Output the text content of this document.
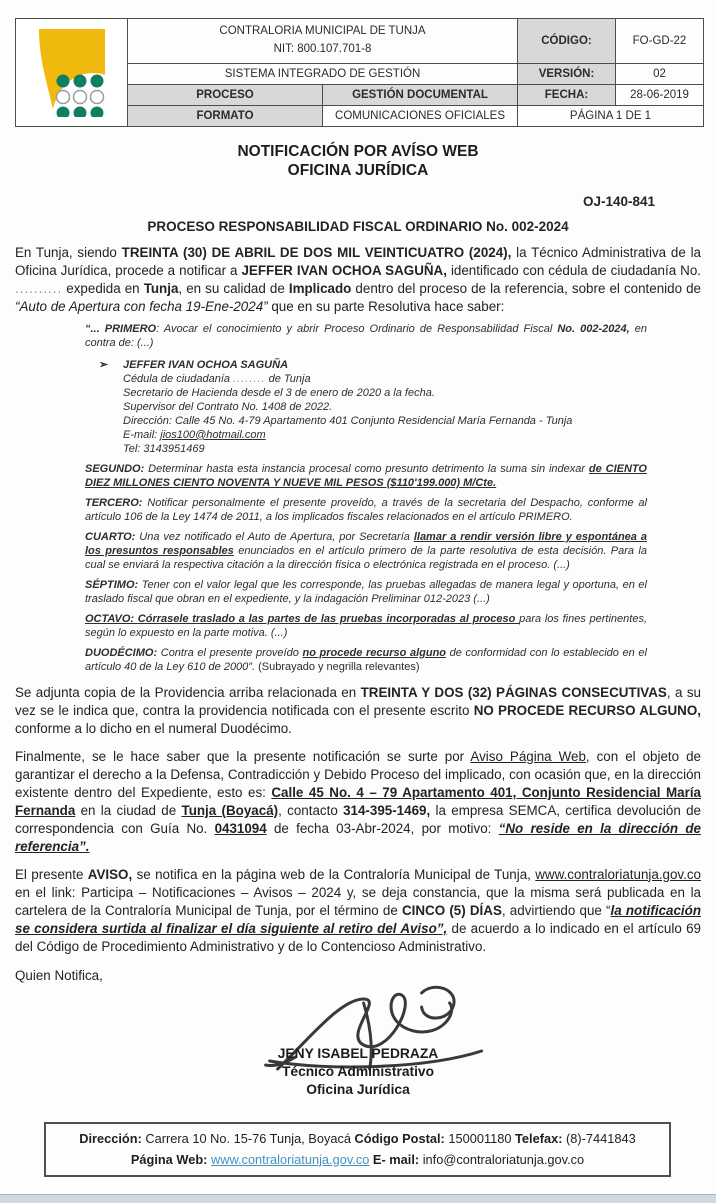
CONTRALORIA MUNICIPAL DE TUNJA
NIT: 800.107.701-8		CÓDIGO:	FO-GD-22
	SISTEMA INTEGRADO DE GESTIÓN		VERSIÓN:	02
	PROCESO	GESTIÓN DOCUMENTAL	FECHA:	28-06-2019
	FORMATO	COMUNICACIONES OFICIALES	PÁGINA 1 DE 1	
NOTIFICACIÓN POR AVÍSO WEB
OFICINA JURÍDICA
OJ-140-841
PROCESO RESPONSABILIDAD FISCAL ORDINARIO No. 002-2024

En Tunja, siendo TREINTA (30) DE ABRIL DE DOS MIL VEINTICUATRO (2024), la Técnico Administrativa de la Oficina Jurídica, procede a notificar a JEFFER IVAN OCHOA SAGUÑA, identificado con cédula de ciudadanía No. .......... expedida en Tunja, en su calidad de Implicado dentro del proceso de la referencia, sobre el contenido de “Auto de Apertura con fecha 19-Ene-2024” que en su parte Resolutiva hace saber:

“... PRIMERO: Avocar el conocimiento y abrir Proceso Ordinario de Responsabilidad Fiscal No. 002-2024, en contra de: (...)
➢ JEFFER IVAN OCHOA SAGUÑA
Cédula de ciudadanía ........ de Tunja
Secretario de Hacienda desde el 3 de enero de 2020 a la fecha.
Supervisor del Contrato No. 1408 de 2022.
Dirección: Calle 45 No. 4-79 Apartamento 401 Conjunto Residencial María Fernanda - Tunja
E-mail: jios100@hotmail.com
Tel: 3143951469
SEGUNDO: Determinar hasta esta instancia procesal como presunto detrimento la suma sin indexar de CIENTO DIEZ MILLONES CIENTO NOVENTA Y NUEVE MIL PESOS ($110'199.000) M/Cte.
TERCERO: Notificar personalmente el presente proveído, a través de la secretaria del Despacho, conforme al artículo 106 de la Ley 1474 de 2011, a los implicados fiscales relacionados en el artículo PRIMERO.
CUARTO: Una vez notificado el Auto de Apertura, por Secretaría llamar a rendir versión libre y espontánea a los presuntos responsables enunciados en el artículo primero de la parte resolutiva de esta decisión. Para la cual se enviará la respectiva citación a la dirección física o electrónica registrada en el proceso. (...)
SÉPTIMO: Tener con el valor legal que les corresponde, las pruebas allegadas de manera legal y oportuna, en el traslado fiscal que obran en el expediente, y la indagación Preliminar 012-2023 (...)
OCTAVO: Córrasele traslado a las partes de las pruebas incorporadas al proceso para los fines pertinentes, según lo expuesto en la parte motiva. (...)
DUODÉCIMO: Contra el presente proveído no procede recurso alguno de conformidad con lo establecido en el artículo 40 de la Ley 610 de 2000”. (Subrayado y negrilla relevantes)

Se adjunta copia de la Providencia arriba relacionada en TREINTA Y DOS (32) PÁGINAS CONSECUTIVAS, a su vez se le indica que, contra la providencia notificada con el presente escrito NO PROCEDE RECURSO ALGUNO, conforme a lo dicho en el numeral Duodécimo.

Finalmente, se le hace saber que la presente notificación se surte por Aviso Página Web, con el objeto de garantizar el derecho a la Defensa, Contradicción y Debido Proceso del implicado, con ocasión que, en la dirección existente dentro del Expediente, esto es: Calle 45 No. 4 – 79 Apartamento 401, Conjunto Residencial María Fernanda en la ciudad de Tunja (Boyacá), contacto 314-395-1469, la empresa SEMCA, certifica devolución de correspondencia con Guía No. 0431094 de fecha 03-Abr-2024, por motivo: “No reside en la dirección de referencia”.

El presente AVISO, se notifica en la página web de la Contraloría Municipal de Tunja, www.contraloriatunja.gov.co en el link: Participa – Notificaciones – Avisos – 2024 y, se deja constancia, que la misma será publicada en la cartelera de la Contraloría Municipal de Tunja, por el término de CINCO (5) DÍAS, advirtiendo que “la notificación se considera surtida al finalizar el día siguiente al retiro del Aviso”, de acuerdo a lo indicado en el artículo 69 del Código de Procedimiento Administrativo y de lo Contencioso Administrativo.

Quien Notifica,
JENY ISABEL PEDRAZA
Técnico Administrativo
Oficina Jurídica
Dirección: Carrera 10 No. 15-76 Tunja, Boyacá Código Postal: 150001180 Telefax: (8)-7441843
Página Web: www.contraloriatunja.gov.co E- mail: info@contraloriatunja.gov.co
